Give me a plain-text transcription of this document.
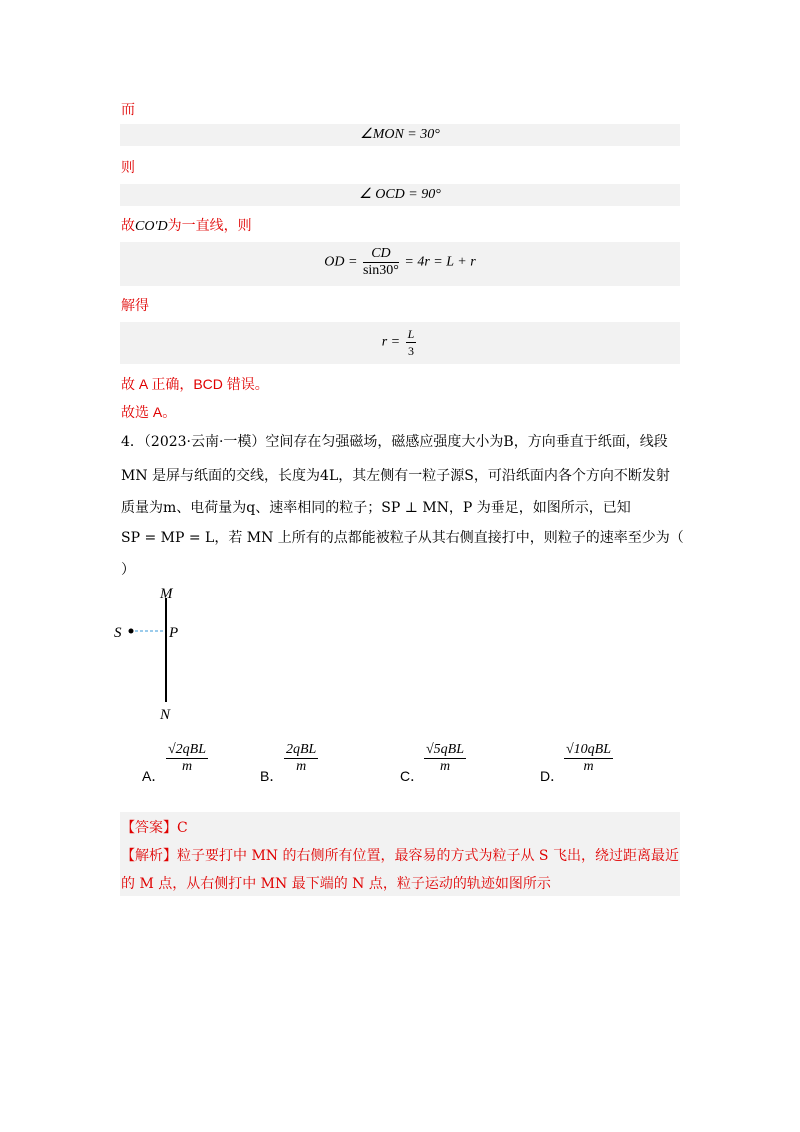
而
∠MON = 30°
则
∠ OCD = 90°
故CO′D为一直线，则
OD = $\frac{CD}{\sin 30^\circ} = 4r = L + r$
解得
$r = \frac{L}{3}$
故 A 正确，BCD 错误。
故选 A。
4．（2023·云南·一模）空间存在匀强磁场，磁感应强度大小为B，方向垂直于纸面，线段
MN 是屏与纸面的交线，长度为4L，其左侧有一粒子源S，可沿纸面内各个方向不断发射
质量为m、电荷量为q、速率相同的粒子；SP ⊥ MN，P 为垂足，如图所示，已知
SP = MP = L，若 MN 上所有的点都能被粒子从其右侧直接打中，则粒子的速率至少为（
）
M
S	P
N
A．
√2qBL
m
B．
2qBL
m
C．
√5qBL
m
D．
√10qBL
m
【答案】C
【解析】粒子要打中 MN 的右侧所有位置，最容易的方式为粒子从 S 飞出，绕过距离最近
的 M 点，从右侧打中 MN 最下端的 N 点，粒子运动的轨迹如图所示
